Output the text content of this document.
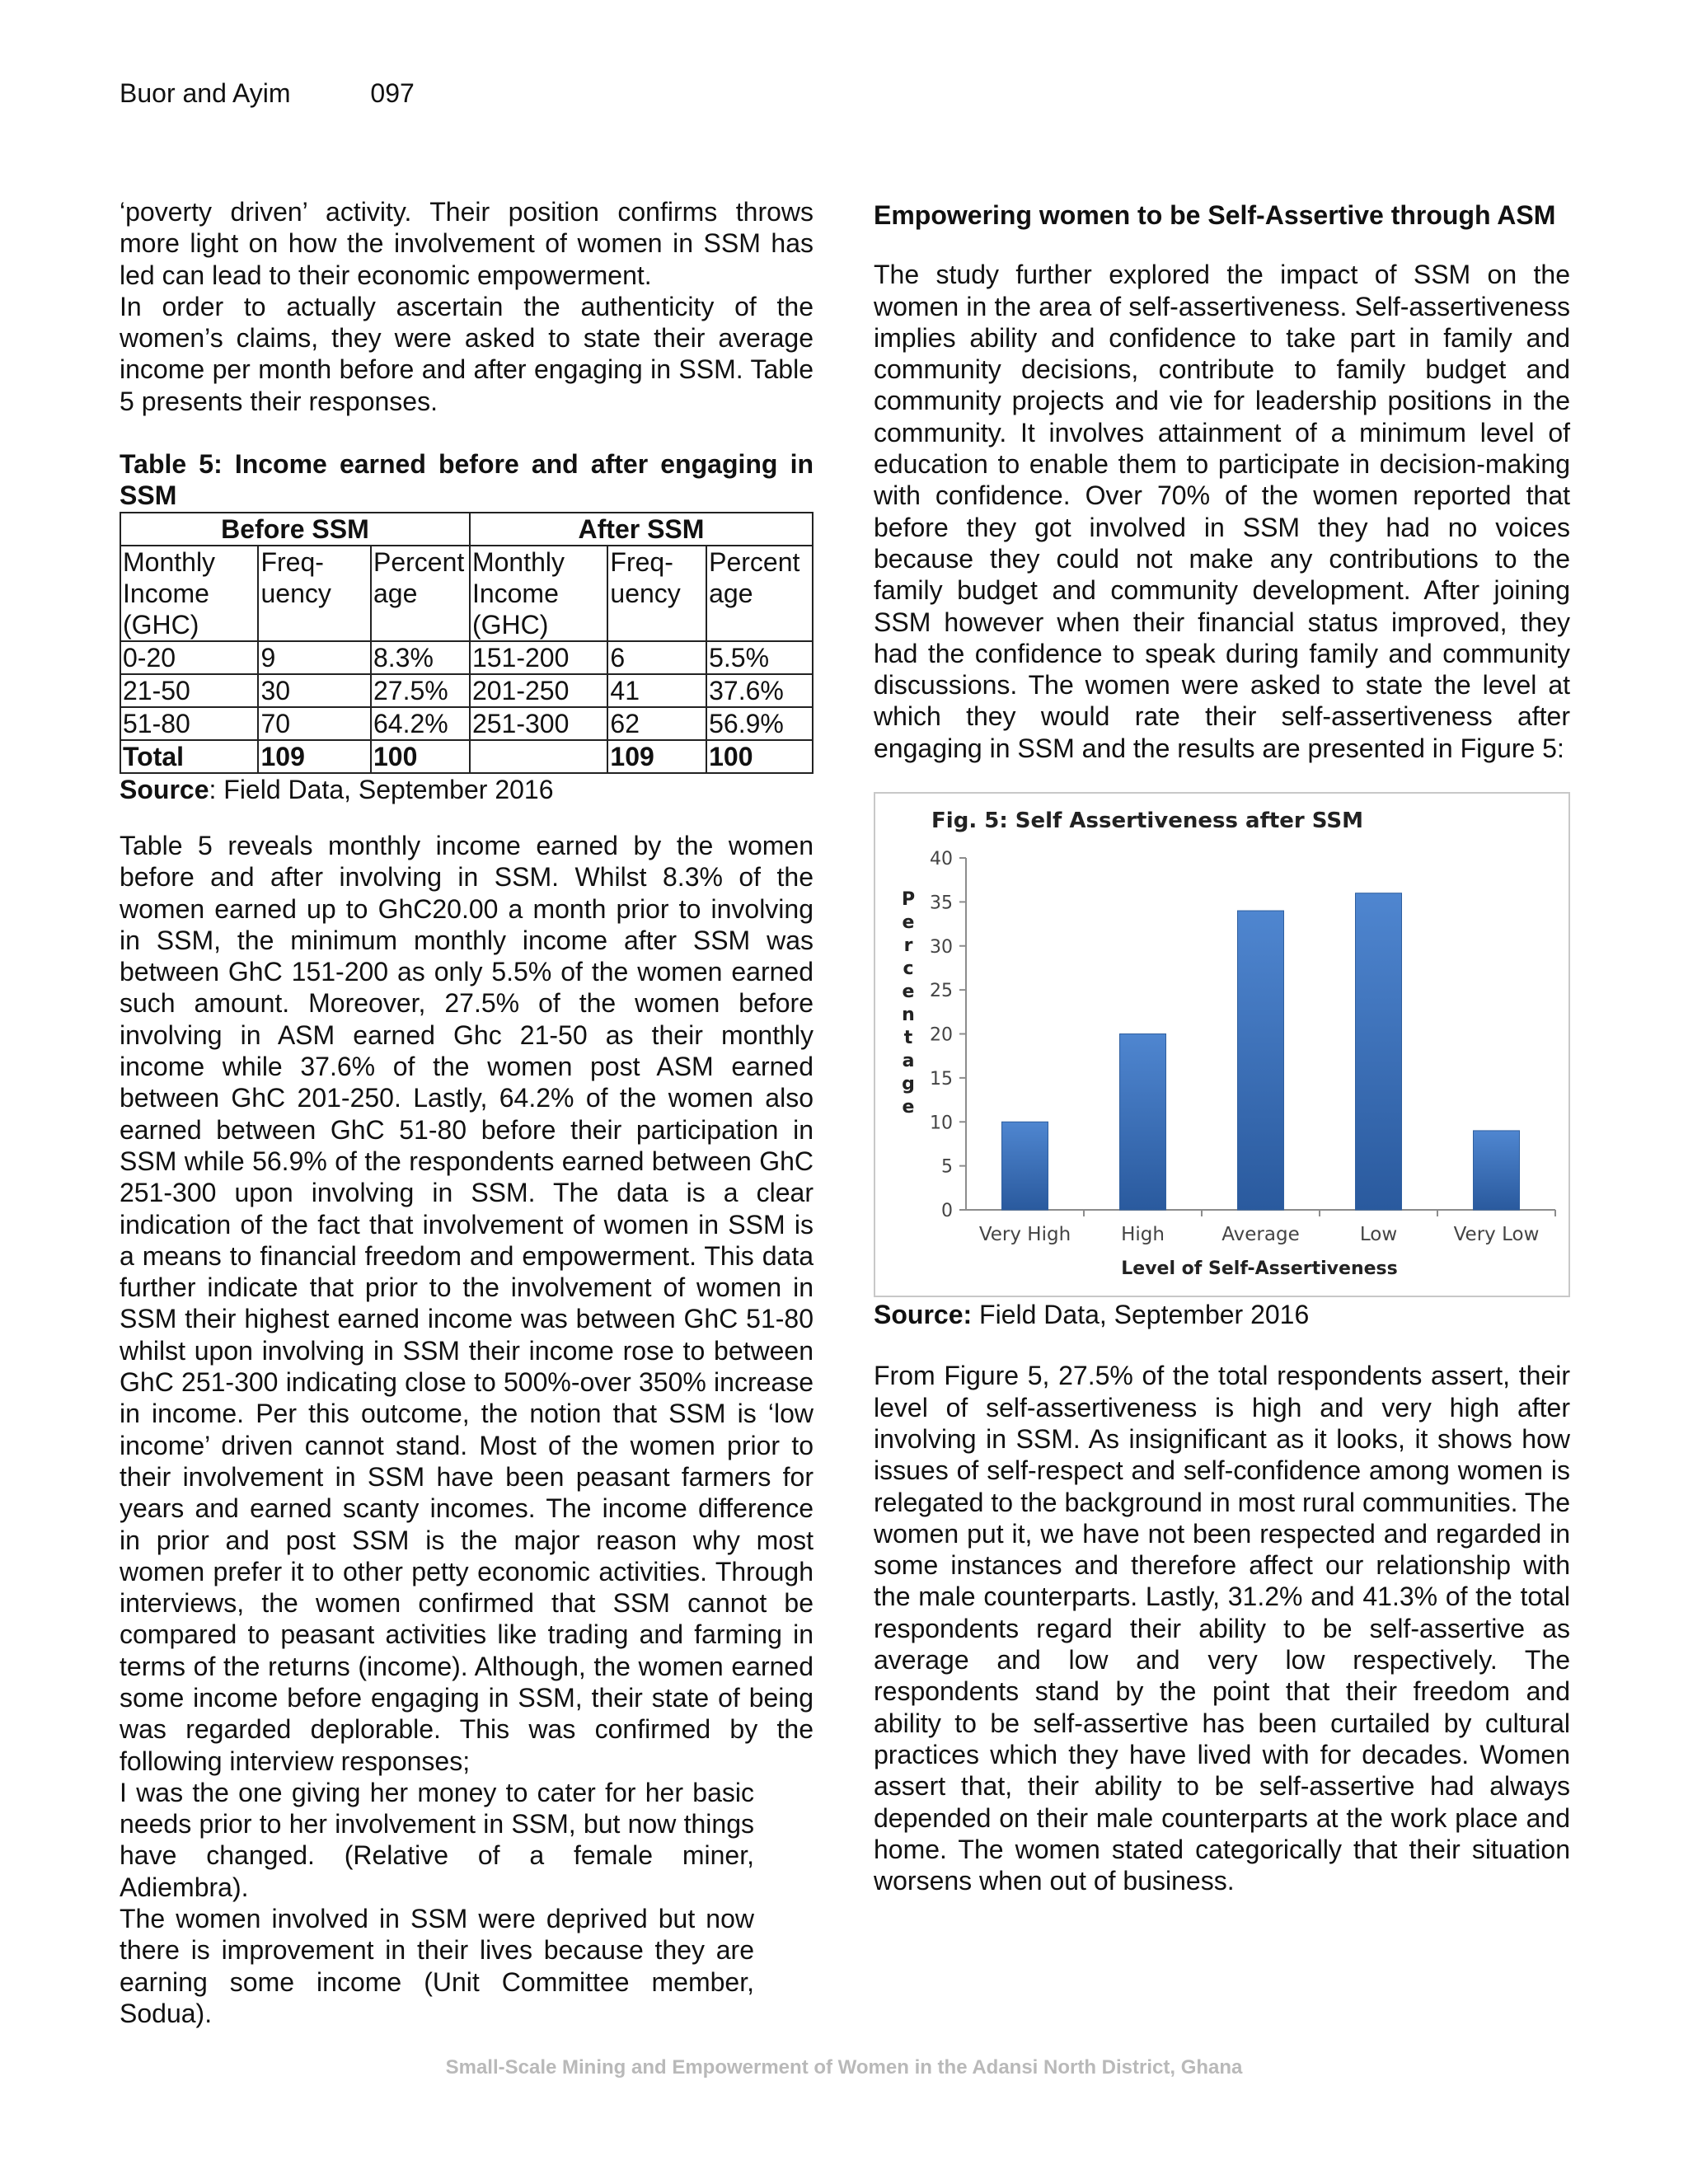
Buor and Ayim	097

‘poverty driven’ activity. Their position confirms throws more light on how the involvement of women in SSM has led can lead to their economic empowerment.

In order to actually ascertain the authenticity of the women’s claims, they were asked to state their average income per month before and after engaging in SSM. Table 5 presents their responses.

Table 5: Income earned before and after engaging in SSM

Before SSM			After SSM		
Monthly Income (GHC)	Freq-uency	Percent age	Monthly Income (GHC)	Freq-uency	Percent age
0-20	9	8.3%	151-200	6	5.5%
21-50	30	27.5%	201-250	41	37.6%
51-80	70	64.2%	251-300	62	56.9%
Total	109	100		109	100

Source: Field Data, September 2016

Table 5 reveals monthly income earned by the women before and after involving in SSM. Whilst 8.3% of the women earned up to GhC20.00 a month prior to involving in SSM, the minimum monthly income after SSM was between GhC 151-200 as only 5.5% of the women earned such amount. Moreover, 27.5% of the women before involving in ASM earned Ghc 21-50 as their monthly income while 37.6% of the women post ASM earned between GhC 201-250. Lastly, 64.2% of the women also earned between GhC 51-80 before their participation in SSM while 56.9% of the respondents earned between GhC 251-300 upon involving in SSM. The data is a clear indication of the fact that involvement of women in SSM is a means to financial freedom and empowerment. This data further indicate that prior to the involvement of women in SSM their highest earned income was between GhC 51-80 whilst upon involving in SSM their income rose to between GhC 251-300 indicating close to 500%-over 350% increase in income. Per this outcome, the notion that SSM is ‘low income’ driven cannot stand. Most of the women prior to their involvement in SSM have been peasant farmers for years and earned scanty incomes. The income difference in prior and post SSM is the major reason why most women prefer it to other petty economic activities. Through interviews, the women confirmed that SSM cannot be compared to peasant activities like trading and farming in terms of the returns (income). Although, the women earned some income before engaging in SSM, their state of being was regarded deplorable. This was confirmed by the following interview responses;

I was the one giving her money to cater for her basic needs prior to her involvement in SSM, but now things have changed. (Relative of a female miner, Adiembra).

The women involved in SSM were deprived but now there is improvement in their lives because they are earning some income (Unit Committee member, Sodua).

Empowering women to be Self-Assertive through ASM

The study further explored the impact of SSM on the women in the area of self-assertiveness. Self-assertiveness implies ability and confidence to take part in family and community decisions, contribute to family budget and community projects and vie for leadership positions in the community. It involves attainment of a minimum level of education to enable them to participate in decision-making with confidence. Over 70% of the women reported that before they got involved in SSM they had no voices because they could not make any contributions to the family budget and community development. After joining SSM however when their financial status improved, they had the confidence to speak during family and community discussions. The women were asked to state the level at which they would rate their self-assertiveness after engaging in SSM and the results are presented in Figure 5:

Fig. 5: Self Assertiveness after SSM
P
e
r
c
e
n
t
a
g
e
0
5
10
15
20
25
30
35
40
Very High	High	Average	Low	Very Low
Level of Self-Assertiveness

Source: Field Data, September 2016

From Figure 5, 27.5% of the total respondents assert, their level of self-assertiveness is high and very high after involving in SSM. As insignificant as it looks, it shows how issues of self-respect and self-confidence among women is relegated to the background in most rural communities. The women put it, we have not been respected and regarded in some instances and therefore affect our relationship with the male counterparts. Lastly, 31.2% and 41.3% of the total respondents regard their ability to be self-assertive as average and low and very low respectively. The respondents stand by the point that their freedom and ability to be self-assertive has been curtailed by cultural practices which they have lived with for decades. Women assert that, their ability to be self-assertive had always depended on their male counterparts at the work place and home. The women stated categorically that their situation worsens when out of business.

Small-Scale Mining and Empowerment of Women in the Adansi North District, Ghana
